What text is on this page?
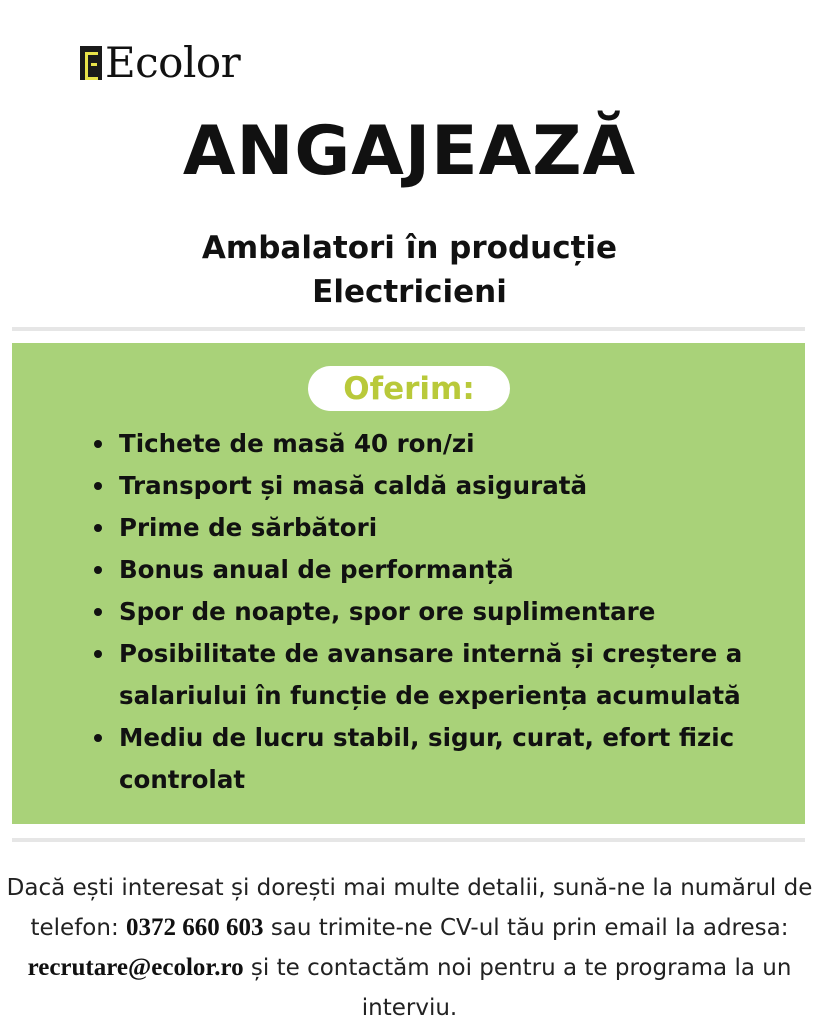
Ecolor
ANGAJEAZĂ
Ambalatori în producție
Electricieni
Oferim:
Tichete de masă 40 ron/zi
Transport și masă caldă asigurată
Prime de sărbători
Bonus anual de performanță
Spor de noapte, spor ore suplimentare
Posibilitate de avansare internă și creștere a salariului în funcție de experiența acumulată
Mediu de lucru stabil, sigur, curat, efort fizic controlat
Dacă ești interesat și dorești mai multe detalii, sună-ne la numărul de telefon: 0372 660 603 sau trimite-ne CV-ul tău prin email la adresa: recrutare@ecolor.ro și te contactăm noi pentru a te programa la un interviu.
